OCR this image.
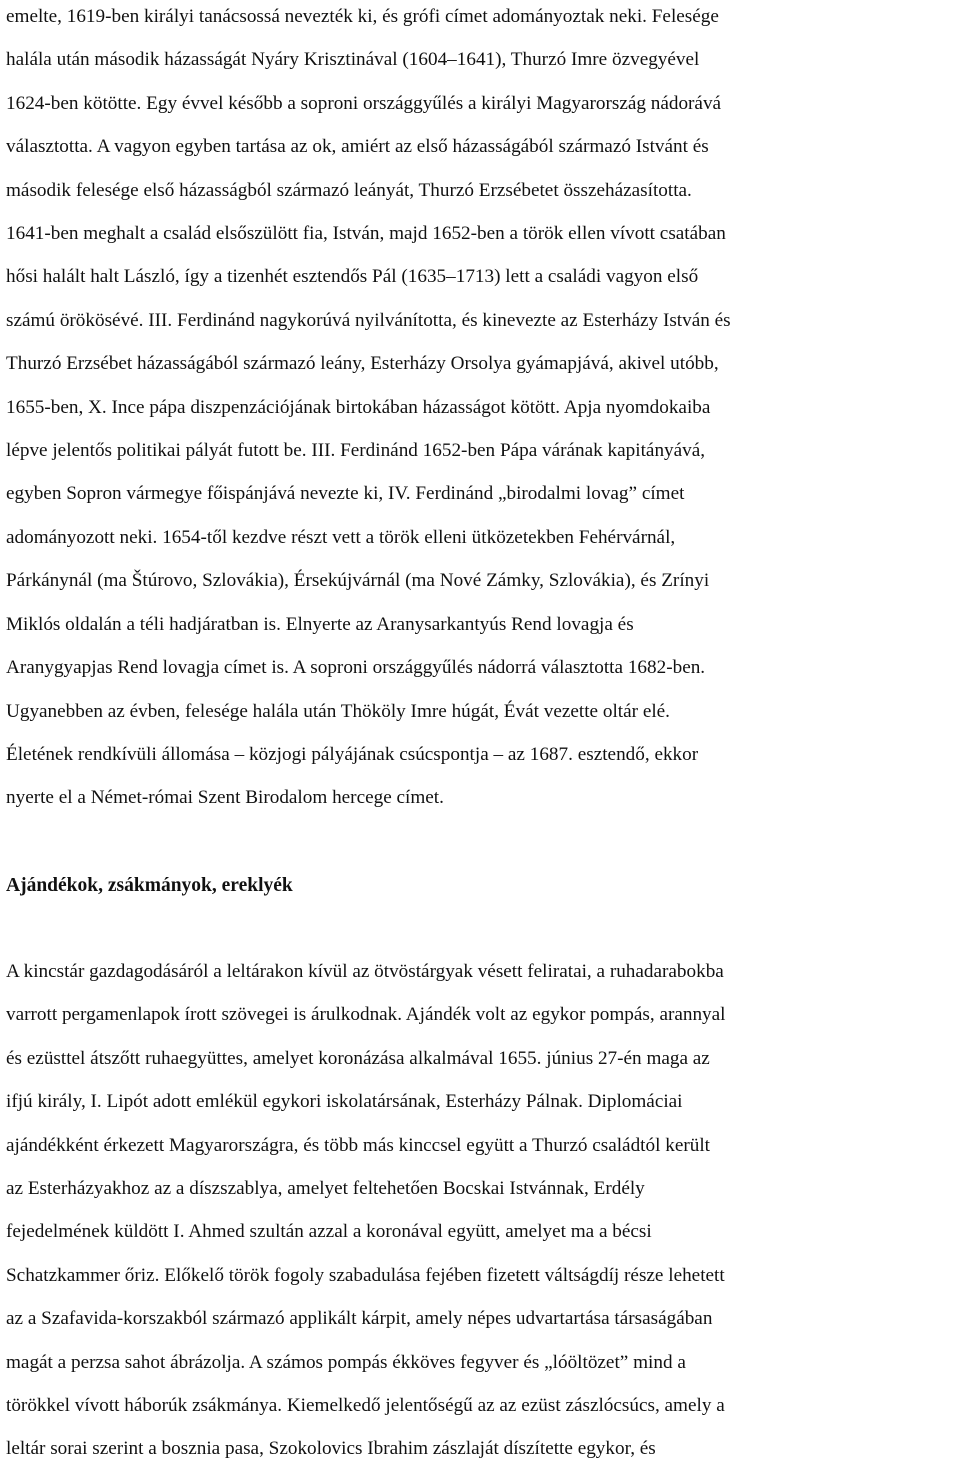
emelte, 1619-ben királyi tanácsossá nevezték ki, és grófi címet adományoztak neki. Felesége
halála után második házasságát Nyáry Krisztinával (1604–1641), Thurzó Imre özvegyével
1624-ben kötötte. Egy évvel később a soproni országgyűlés a királyi Magyarország nádorává
választotta. A vagyon egyben tartása az ok, amiért az első házasságából származó Istvánt és
második felesége első házasságból származó leányát, Thurzó Erzsébetet összeházasította.
1641-ben meghalt a család elsőszülött fia, István, majd 1652-ben a török ellen vívott csatában
hősi halált halt László, így a tizenhét esztendős Pál (1635–1713) lett a családi vagyon első
számú örökösévé. III. Ferdinánd nagykorúvá nyilvánította, és kinevezte az Esterházy István és
Thurzó Erzsébet házasságából származó leány, Esterházy Orsolya gyámapjává, akivel utóbb,
1655-ben, X. Ince pápa diszpenzációjának birtokában házasságot kötött. Apja nyomdokaiba
lépve jelentős politikai pályát futott be. III. Ferdinánd 1652-ben Pápa várának kapitányává,
egyben Sopron vármegye főispánjává nevezte ki, IV. Ferdinánd „birodalmi lovag” címet
adományozott neki. 1654-től kezdve részt vett a török elleni ütközetekben Fehérvárnál,
Párkánynál (ma Štúrovo, Szlovákia), Érsekújvárnál (ma Nové Zámky, Szlovákia), és Zrínyi
Miklós oldalán a téli hadjáratban is. Elnyerte az Aranysarkantyús Rend lovagja és
Aranygyapjas Rend lovagja címet is. A soproni országgyűlés nádorrá választotta 1682-ben.
Ugyanebben az évben, felesége halála után Thököly Imre húgát, Évát vezette oltár elé.
Életének rendkívüli állomása – közjogi pályájának csúcspontja – az 1687. esztendő, ekkor
nyerte el a Német-római Szent Birodalom hercege címet.

Ajándékok, zsákmányok, ereklyék

A kincstár gazdagodásáról a leltárakon kívül az ötvöstárgyak vésett feliratai, a ruhadarabokba
varrott pergamenlapok írott szövegei is árulkodnak. Ajándék volt az egykor pompás, arannyal
és ezüsttel átszőtt ruhaegyüttes, amelyet koronázása alkalmával 1655. június 27-én maga az
ifjú király, I. Lipót adott emlékül egykori iskolatársának, Esterházy Pálnak. Diplomáciai
ajándékként érkezett Magyarországra, és több más kinccsel együtt a Thurzó családtól került
az Esterházyakhoz az a díszszablya, amelyet feltehetően Bocskai Istvánnak, Erdély
fejedelmének küldött I. Ahmed szultán azzal a koronával együtt, amelyet ma a bécsi
Schatzkammer őriz. Előkelő török fogoly szabadulása fejében fizetett váltságdíj része lehetett
az a Szafavida-korszakból származó applikált kárpit, amely népes udvartartása társaságában
magát a perzsa sahot ábrázolja. A számos pompás ékköves fegyver és „lóöltözet” mind a
törökkel vívott háborúk zsákmánya. Kiemelkedő jelentőségű az az ezüst zászlócsúcs, amely a
leltár sorai szerint a bosznia pasa, Szokolovics Ibrahim zászlaját díszítette egykor, és
